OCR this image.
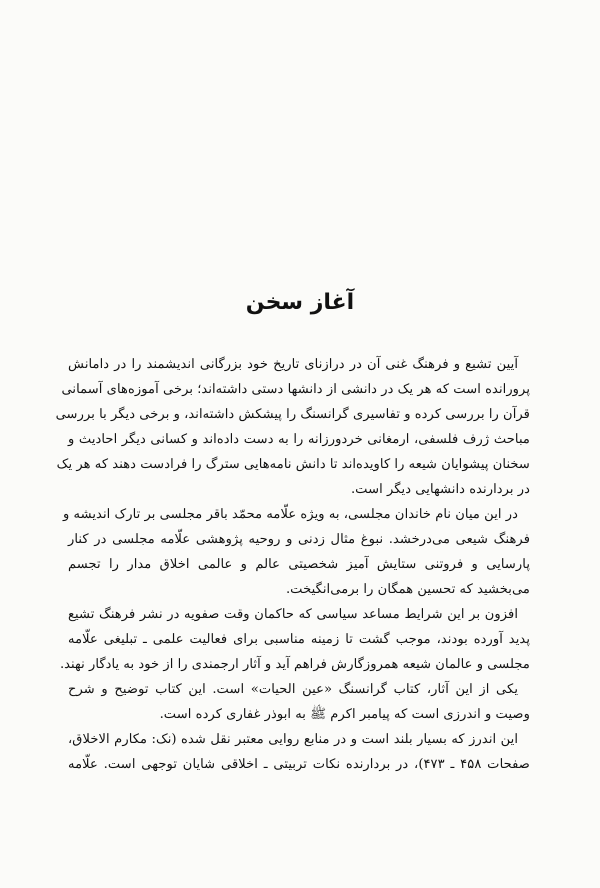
آغاز سخن
آیین تشیع و فرهنگ غنی آن در درازنای تاریخ خود بزرگانی اندیشمند را در دامانش
پرورانده است که هر یک در دانشی از دانشها دستی داشته‌اند؛ برخی آموزه‌های آسمانی
قرآن را بررسی کرده و تفاسیری گرانسنگ را پیشکش داشته‌اند، و برخی دیگر با بررسی
مباحث ژرف فلسفی، ارمغانی خردورزانه را به دست داده‌اند و کسانی دیگر احادیث و
سخنان پیشوایان شیعه را کاویده‌اند تا دانش نامه‌هایی سترگ را فرادست دهند که هر یک
در بردارنده دانشهایی دیگر است.
در این میان نام خاندان مجلسی، به ویژه علّامه محمّد باقر مجلسی بر تارک اندیشه و
فرهنگ شیعی می‌درخشد. نبوغ مثال زدنی و روحیه پژوهشی علّامه مجلسی در کنار
پارسایی و فروتنی ستایش آمیز شخصیتی عالم و عالمی اخلاق مدار را تجسم
می‌بخشید که تحسین همگان را برمی‌انگیخت.
افزون بر این شرایط مساعد سیاسی که حاکمان وقت صفویه در نشر فرهنگ تشیع
پدید آورده بودند، موجب گشت تا زمینه مناسبی برای فعالیت علمی ـ تبلیغی علّامه
مجلسی و عالمان شیعه همروزگارش فراهم آید و آثار ارجمندی را از خود به یادگار نهند.
یکی از این آثار، کتاب گرانسنگ «عین الحیات» است. این کتاب توضیح و شرح
وصیت و اندرزی است که پیامبر اکرم ﷺ به ابوذر غفاری کرده است.
این اندرز که بسیار بلند است و در منابع روایی معتبر نقل شده (نک: مکارم الاخلاق،
صفحات ۴۵۸ ـ ۴۷۳)، در بردارنده نکات تربیتی ـ اخلاقی شایان توجهی است. علّامه
